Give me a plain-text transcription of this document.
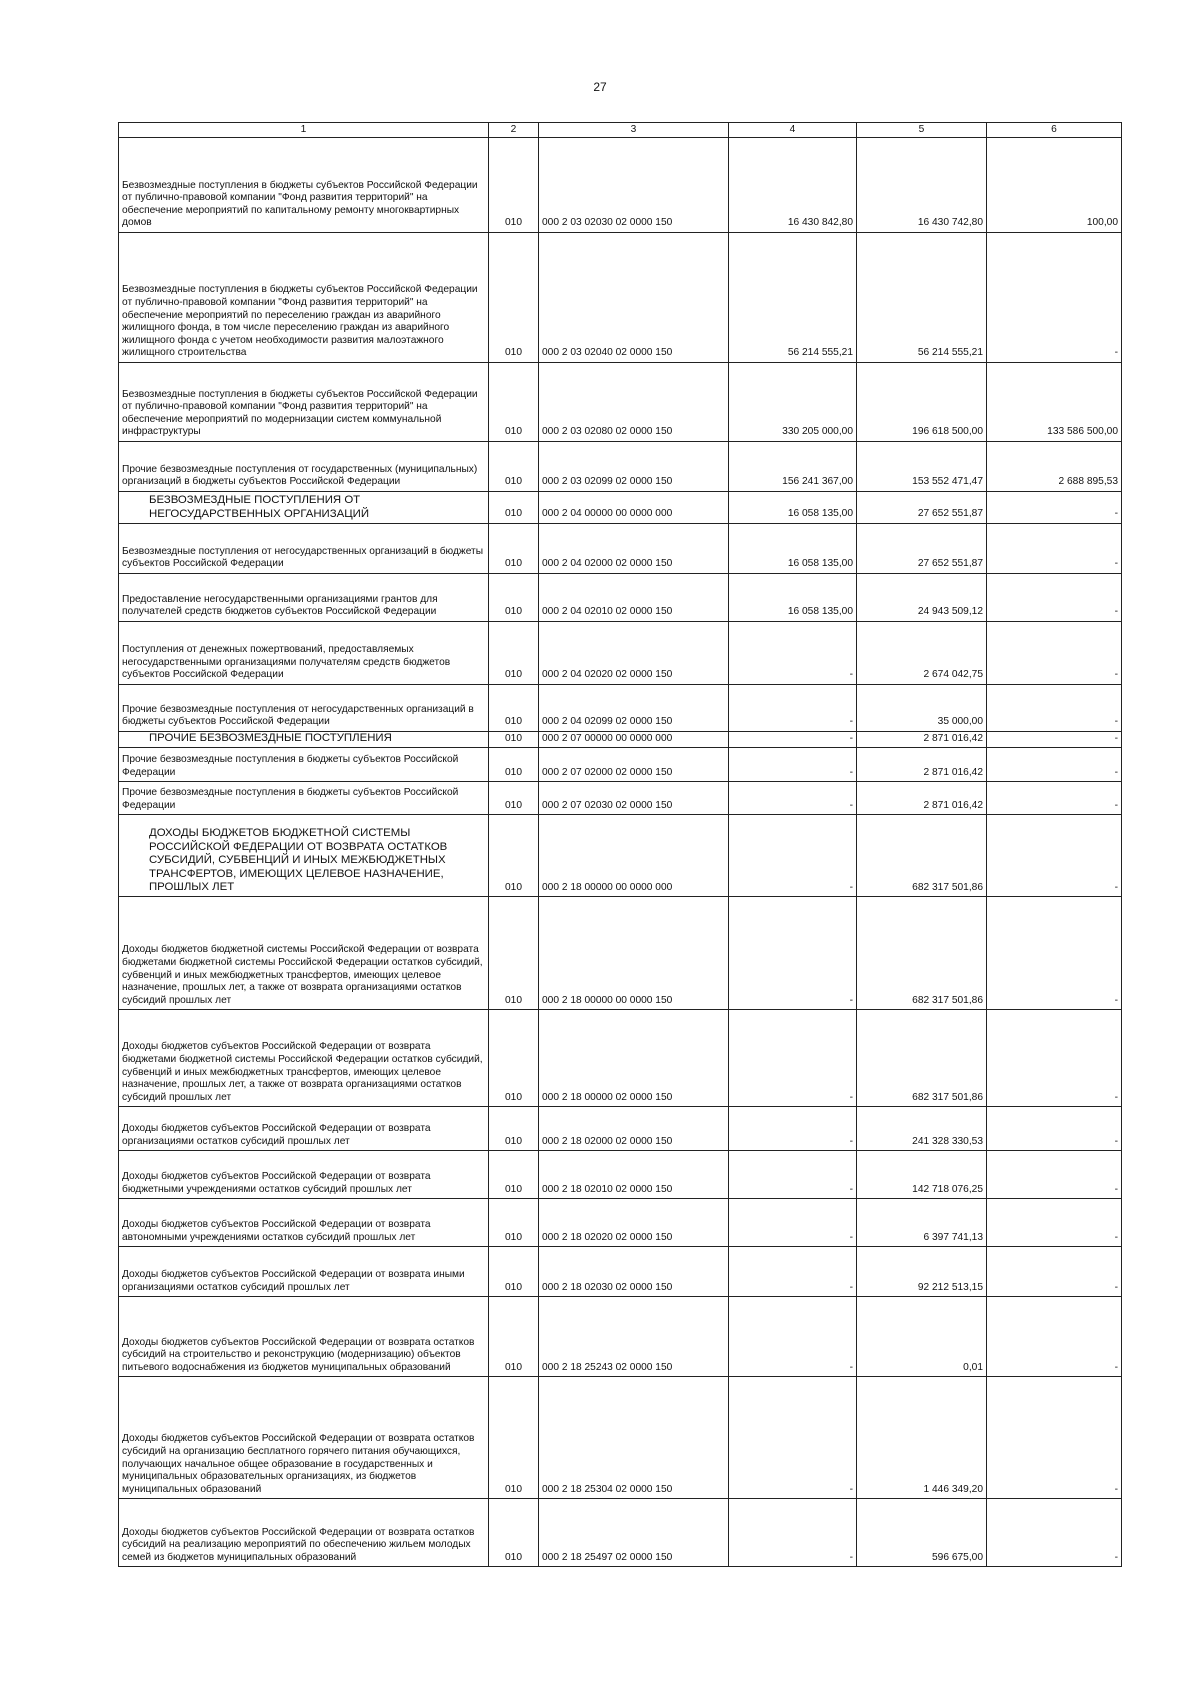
27
1	2	3	4	5	6
Безвозмездные поступления в бюджеты субъектов Российской Федерации от публично-правовой компании "Фонд развития территорий" на обеспечение мероприятий по капитальному ремонту многоквартирных домов	010	000 2 03 02030 02 0000 150	16 430 842,80	16 430 742,80	100,00
Безвозмездные поступления в бюджеты субъектов Российской Федерации от публично-правовой компании "Фонд развития территорий" на обеспечение мероприятий по переселению граждан из аварийного жилищного фонда, в том числе переселению граждан из аварийного жилищного фонда с учетом необходимости развития малоэтажного жилищного строительства	010	000 2 03 02040 02 0000 150	56 214 555,21	56 214 555,21	-
Безвозмездные поступления в бюджеты субъектов Российской Федерации от публично-правовой компании "Фонд развития территорий" на обеспечение мероприятий по модернизации систем коммунальной инфраструктуры	010	000 2 03 02080 02 0000 150	330 205 000,00	196 618 500,00	133 586 500,00
Прочие безвозмездные поступления от государственных (муниципальных) организаций в бюджеты субъектов Российской Федерации	010	000 2 03 02099 02 0000 150	156 241 367,00	153 552 471,47	2 688 895,53
БЕЗВОЗМЕЗДНЫЕ ПОСТУПЛЕНИЯ ОТ НЕГОСУДАРСТВЕННЫХ ОРГАНИЗАЦИЙ	010	000 2 04 00000 00 0000 000	16 058 135,00	27 652 551,87	-
Безвозмездные поступления от негосударственных организаций в бюджеты субъектов Российской Федерации	010	000 2 04 02000 02 0000 150	16 058 135,00	27 652 551,87	-
Предоставление негосударственными организациями грантов для получателей средств бюджетов субъектов Российской Федерации	010	000 2 04 02010 02 0000 150	16 058 135,00	24 943 509,12	-
Поступления от денежных пожертвований, предоставляемых негосударственными организациями получателям средств бюджетов субъектов Российской Федерации	010	000 2 04 02020 02 0000 150	-	2 674 042,75	-
Прочие безвозмездные поступления от негосударственных организаций в бюджеты субъектов Российской Федерации	010	000 2 04 02099 02 0000 150	-	35 000,00	-
ПРОЧИЕ БЕЗВОЗМЕЗДНЫЕ ПОСТУПЛЕНИЯ	010	000 2 07 00000 00 0000 000	-	2 871 016,42	-
Прочие безвозмездные поступления в бюджеты субъектов Российской Федерации	010	000 2 07 02000 02 0000 150	-	2 871 016,42	-
Прочие безвозмездные поступления в бюджеты субъектов Российской Федерации	010	000 2 07 02030 02 0000 150	-	2 871 016,42	-
ДОХОДЫ БЮДЖЕТОВ БЮДЖЕТНОЙ СИСТЕМЫ РОССИЙСКОЙ ФЕДЕРАЦИИ ОТ ВОЗВРАТА ОСТАТКОВ СУБСИДИЙ, СУБВЕНЦИЙ И ИНЫХ МЕЖБЮДЖЕТНЫХ ТРАНСФЕРТОВ, ИМЕЮЩИХ ЦЕЛЕВОЕ НАЗНАЧЕНИЕ, ПРОШЛЫХ ЛЕТ	010	000 2 18 00000 00 0000 000	-	682 317 501,86	-
Доходы бюджетов бюджетной системы Российской Федерации от возврата бюджетами бюджетной системы Российской Федерации остатков субсидий, субвенций и иных межбюджетных трансфертов, имеющих целевое назначение, прошлых лет, а также от возврата организациями остатков субсидий прошлых лет	010	000 2 18 00000 00 0000 150	-	682 317 501,86	-
Доходы бюджетов субъектов Российской Федерации от возврата бюджетами бюджетной системы Российской Федерации остатков субсидий, субвенций и иных межбюджетных трансфертов, имеющих целевое назначение, прошлых лет, а также от возврата организациями остатков субсидий прошлых лет	010	000 2 18 00000 02 0000 150	-	682 317 501,86	-
Доходы бюджетов субъектов Российской Федерации от возврата организациями остатков субсидий прошлых лет	010	000 2 18 02000 02 0000 150	-	241 328 330,53	-
Доходы бюджетов субъектов Российской Федерации от возврата бюджетными учреждениями остатков субсидий прошлых лет	010	000 2 18 02010 02 0000 150	-	142 718 076,25	-
Доходы бюджетов субъектов Российской Федерации от возврата автономными учреждениями остатков субсидий прошлых лет	010	000 2 18 02020 02 0000 150	-	6 397 741,13	-
Доходы бюджетов субъектов Российской Федерации от возврата иными организациями остатков субсидий прошлых лет	010	000 2 18 02030 02 0000 150	-	92 212 513,15	-
Доходы бюджетов субъектов Российской Федерации от возврата остатков субсидий на строительство и реконструкцию (модернизацию) объектов питьевого водоснабжения из бюджетов муниципальных образований	010	000 2 18 25243 02 0000 150	-	0,01	-
Доходы бюджетов субъектов Российской Федерации от возврата остатков субсидий на организацию бесплатного горячего питания обучающихся, получающих начальное общее образование в государственных и муниципальных образовательных организациях, из бюджетов муниципальных образований	010	000 2 18 25304 02 0000 150	-	1 446 349,20	-
Доходы бюджетов субъектов Российской Федерации от возврата остатков субсидий на реализацию мероприятий по обеспечению жильем молодых семей из бюджетов муниципальных образований	010	000 2 18 25497 02 0000 150	-	596 675,00	-
